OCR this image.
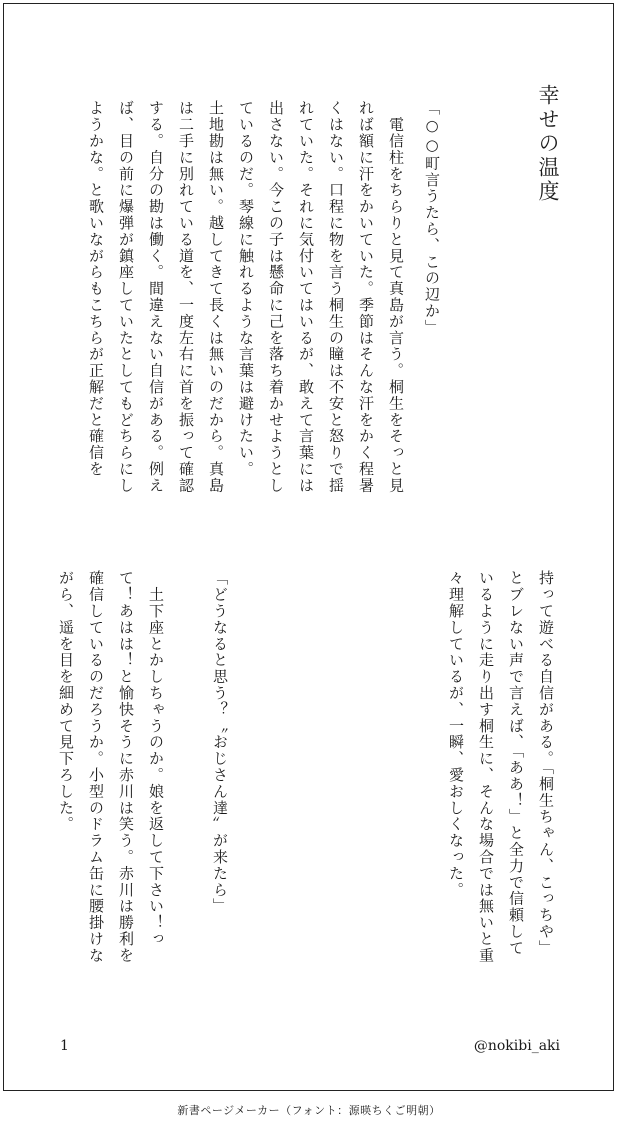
幸せの温度
「○○町言うたら、この辺か」
　電信柱をちらりと見て真島が言う。桐生をそっと見
れば額に汗をかいていた。季節はそんな汗をかく程暑
くはない。口程に物を言う桐生の瞳は不安と怒りで揺
れていた。それに気付いてはいるが、敢えて言葉には
出さない。今この子は懸命に己を落ち着かせようとし
ているのだ。琴線に触れるような言葉は避けたい。
土地勘は無い。越してきて長くは無いのだから。真島
は二手に別れている道を、一度左右に首を振って確認
する。自分の勘は働く。間違えない自信がある。例え
ば、目の前に爆弾が鎮座していたとしてもどちらにし
ようかな。と歌いながらもこちらが正解だと確信を
持って遊べる自信がある。「桐生ちゃん、こっちや」
とブレない声で言えば、「ああ！」と全力で信頼して
いるように走り出す桐生に、そんな場合では無いと重
々理解しているが、一瞬、愛おしくなった。
「どうなると思う？〝おじさん達〟が来たら」
　土下座とかしちゃうのか。娘を返して下さい！っ
て！あはは！と愉快そうに赤川は笑う。赤川は勝利を
確信しているのだろうか。小型のドラム缶に腰掛けな
がら、遥を目を細めて見下ろした。
1	@nokibi_aki
新書ページメーカー（フォント：源暎ちくご明朝）
